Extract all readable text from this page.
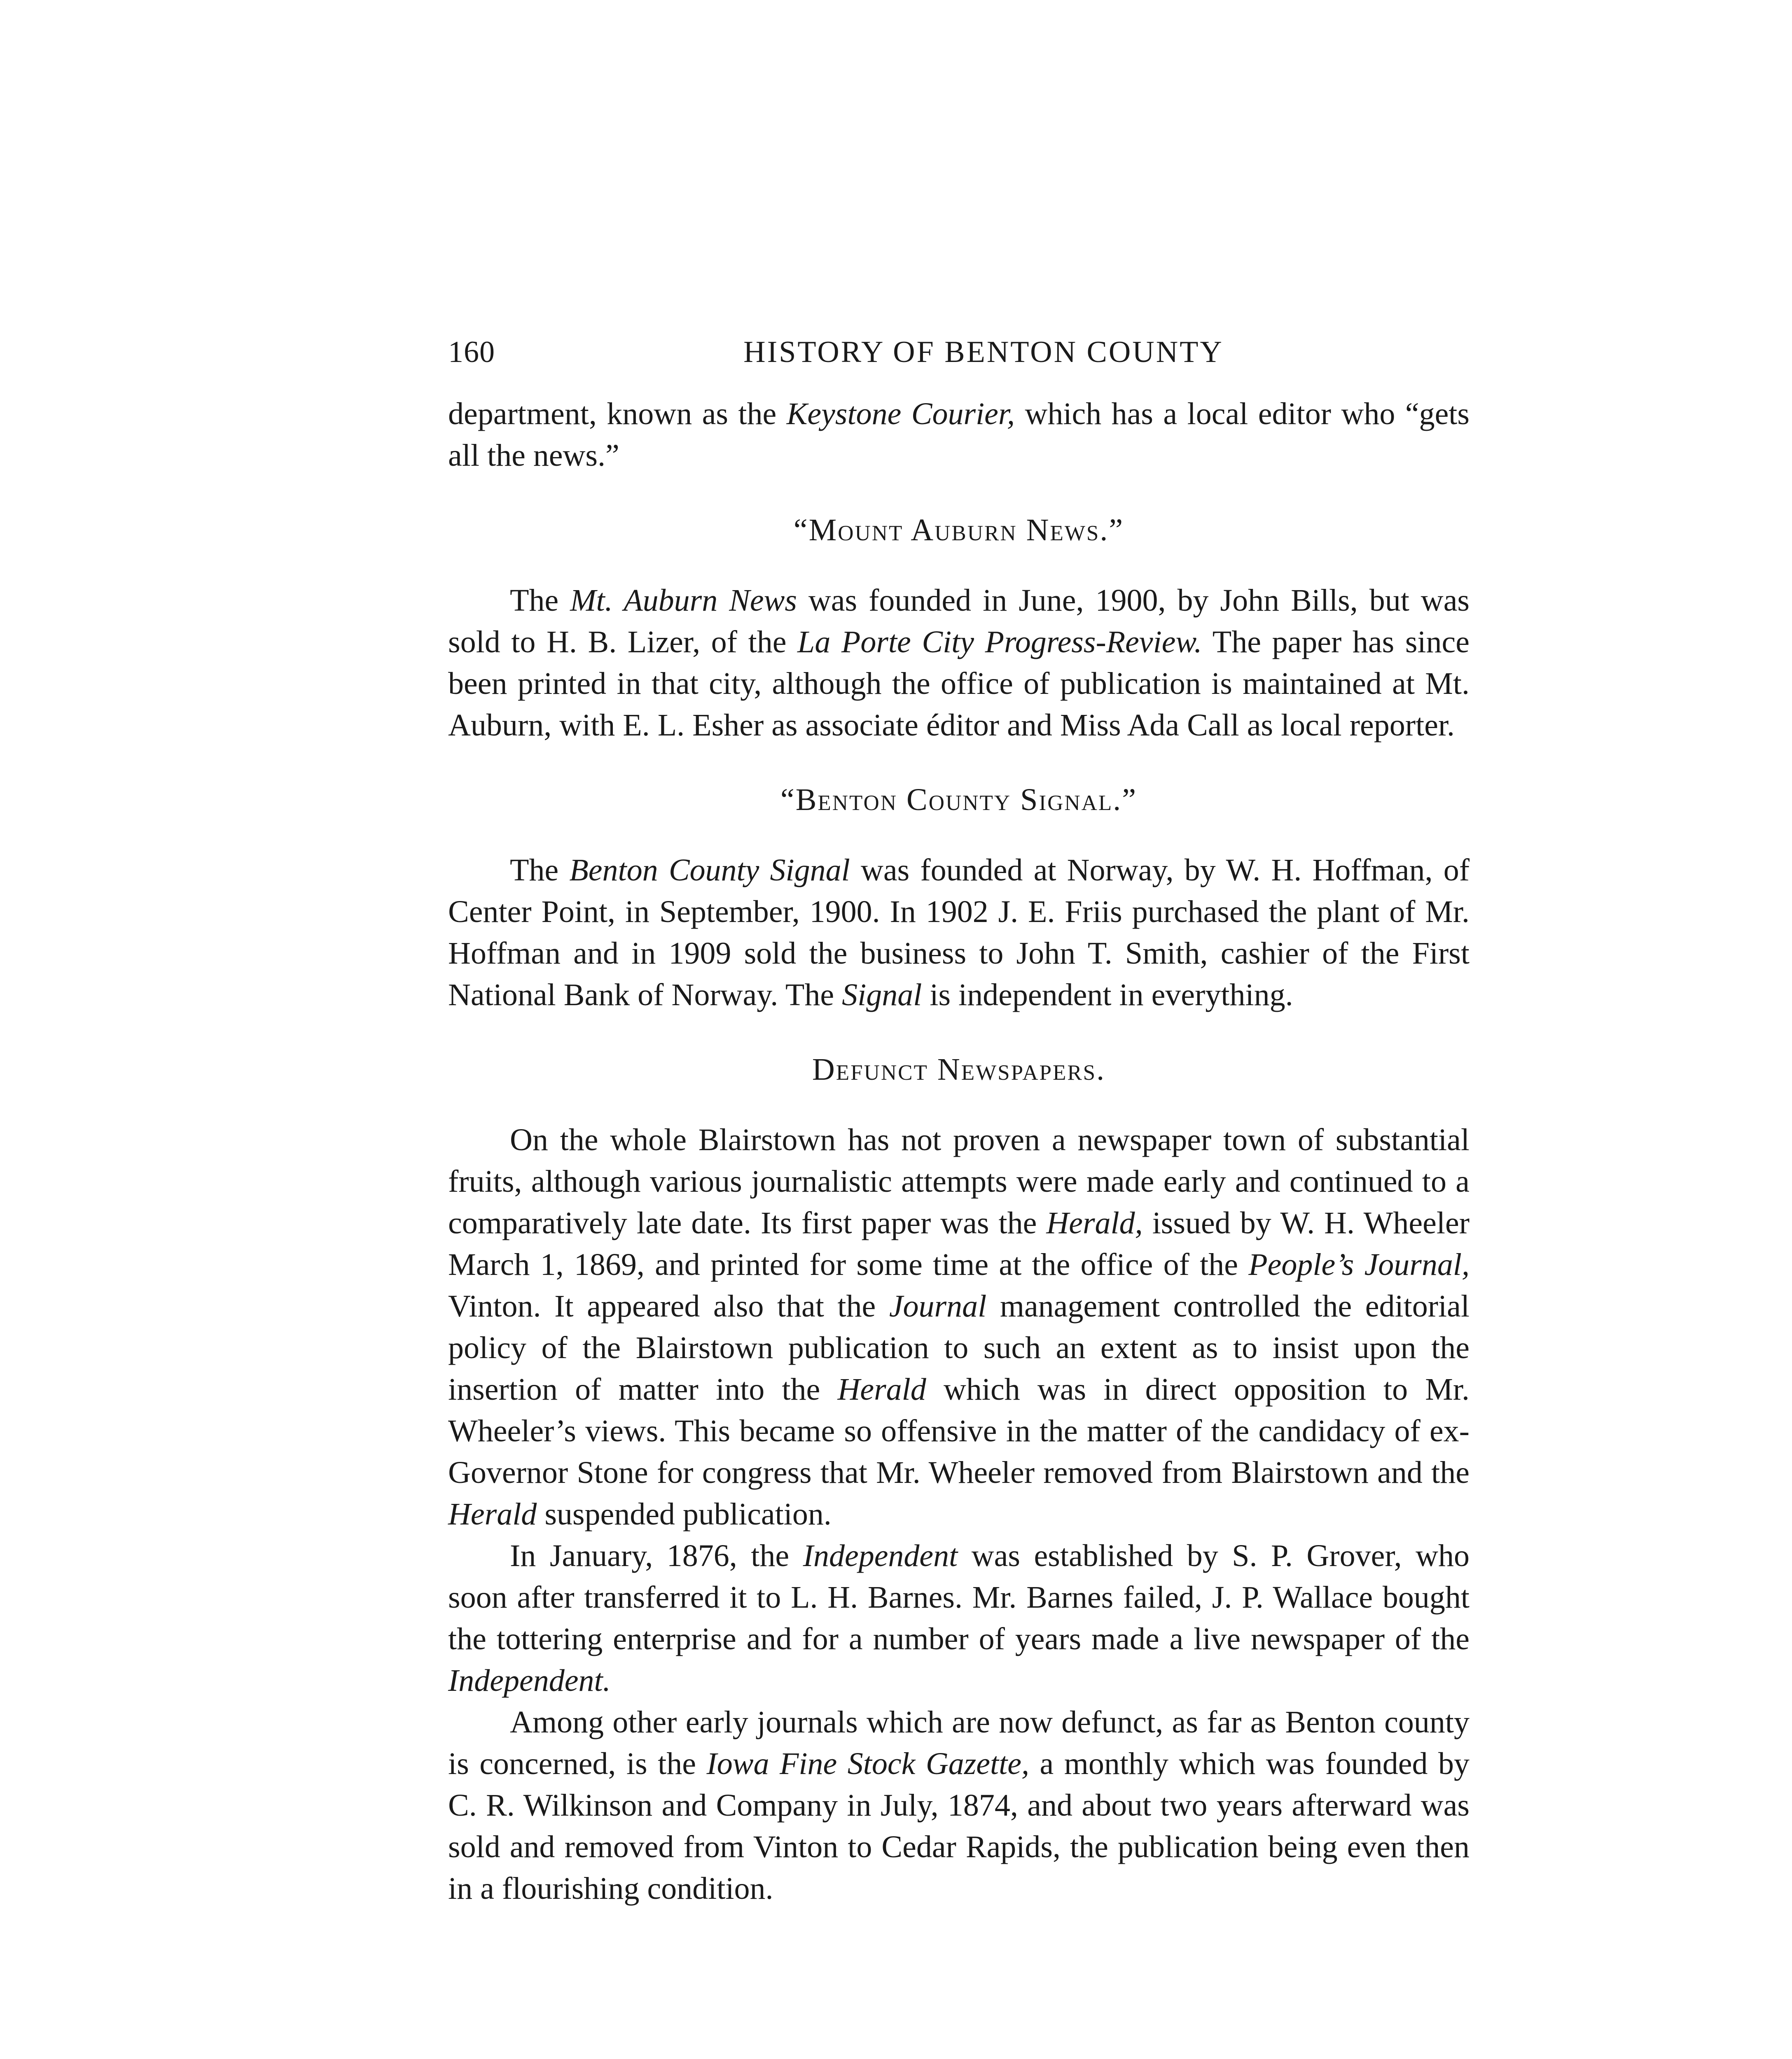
160	HISTORY OF BENTON COUNTY

department, known as the Keystone Courier, which has a local editor who “gets all the news.”

“Mount Auburn News.”

The Mt. Auburn News was founded in June, 1900, by John Bills, but was sold to H. B. Lizer, of the La Porte City Progress-Review. The paper has since been printed in that city, although the office of publication is maintained at Mt. Auburn, with E. L. Esher as associate éditor and Miss Ada Call as local reporter.

“Benton County Signal.”

The Benton County Signal was founded at Norway, by W. H. Hoffman, of Center Point, in September, 1900. In 1902 J. E. Friis purchased the plant of Mr. Hoffman and in 1909 sold the business to John T. Smith, cashier of the First National Bank of Norway. The Signal is independent in everything.

Defunct Newspapers.

On the whole Blairstown has not proven a newspaper town of substantial fruits, although various journalistic attempts were made early and continued to a comparatively late date. Its first paper was the Herald, issued by W. H. Wheeler March 1, 1869, and printed for some time at the office of the People’s Journal, Vinton. It appeared also that the Journal management controlled the editorial policy of the Blairstown publication to such an extent as to insist upon the insertion of matter into the Herald which was in direct opposition to Mr. Wheeler’s views. This became so offensive in the matter of the candidacy of ex-Governor Stone for congress that Mr. Wheeler removed from Blairstown and the Herald suspended publication.

In January, 1876, the Independent was established by S. P. Grover, who soon after transferred it to L. H. Barnes. Mr. Barnes failed, J. P. Wallace bought the tottering enterprise and for a number of years made a live newspaper of the Independent.

Among other early journals which are now defunct, as far as Benton county is concerned, is the Iowa Fine Stock Gazette, a monthly which was founded by C. R. Wilkinson and Company in July, 1874, and about two years afterward was sold and removed from Vinton to Cedar Rapids, the publication being even then in a flourishing condition.
